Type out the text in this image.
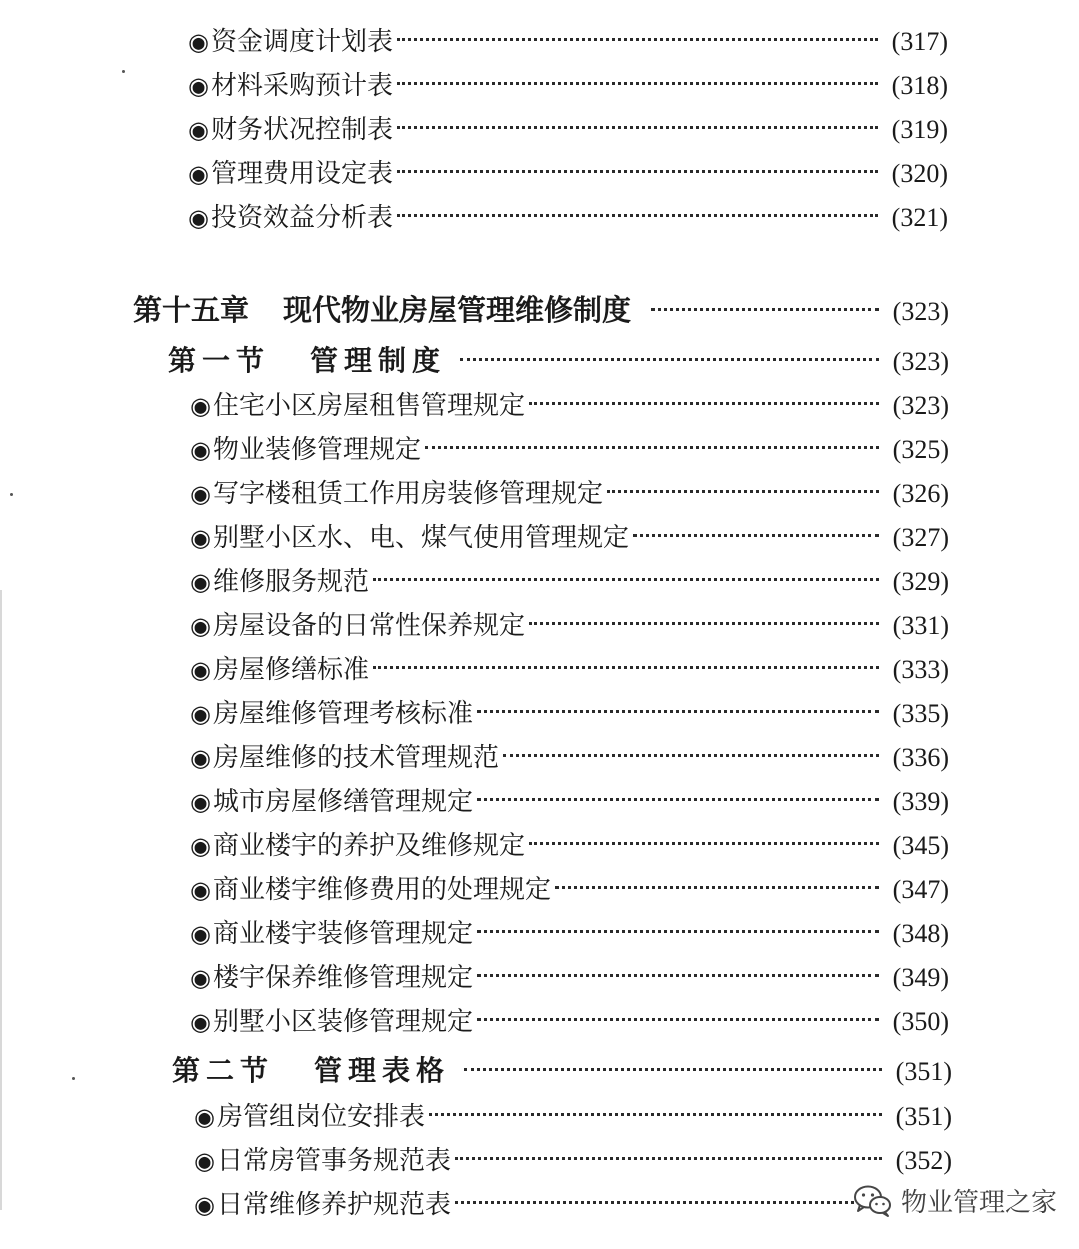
◉ 资金调度计划表	(317)
◉ 材料采购预计表	(318)
◉ 财务状况控制表	(319)
◉ 管理费用设定表	(320)
◉ 投资效益分析表	(321)
第十五章 现代物业房屋管理维修制度	(323)
第一节 管理制度	(323)
◉ 住宅小区房屋租售管理规定	(323)
◉ 物业装修管理规定	(325)
◉ 写字楼租赁工作用房装修管理规定	(326)
◉ 别墅小区水、电、煤气使用管理规定	(327)
◉ 维修服务规范	(329)
◉ 房屋设备的日常性保养规定	(331)
◉ 房屋修缮标准	(333)
◉ 房屋维修管理考核标准	(335)
◉ 房屋维修的技术管理规范	(336)
◉ 城市房屋修缮管理规定	(339)
◉ 商业楼宇的养护及维修规定	(345)
◉ 商业楼宇维修费用的处理规定	(347)
◉ 商业楼宇装修管理规定	(348)
◉ 楼宇保养维修管理规定	(349)
◉ 别墅小区装修管理规定	(350)
第二节 管理表格	(351)
◉ 房管组岗位安排表	(351)
◉ 日常房管事务规范表	(352)
◉ 日常维修养护规范表	物业管理之家
